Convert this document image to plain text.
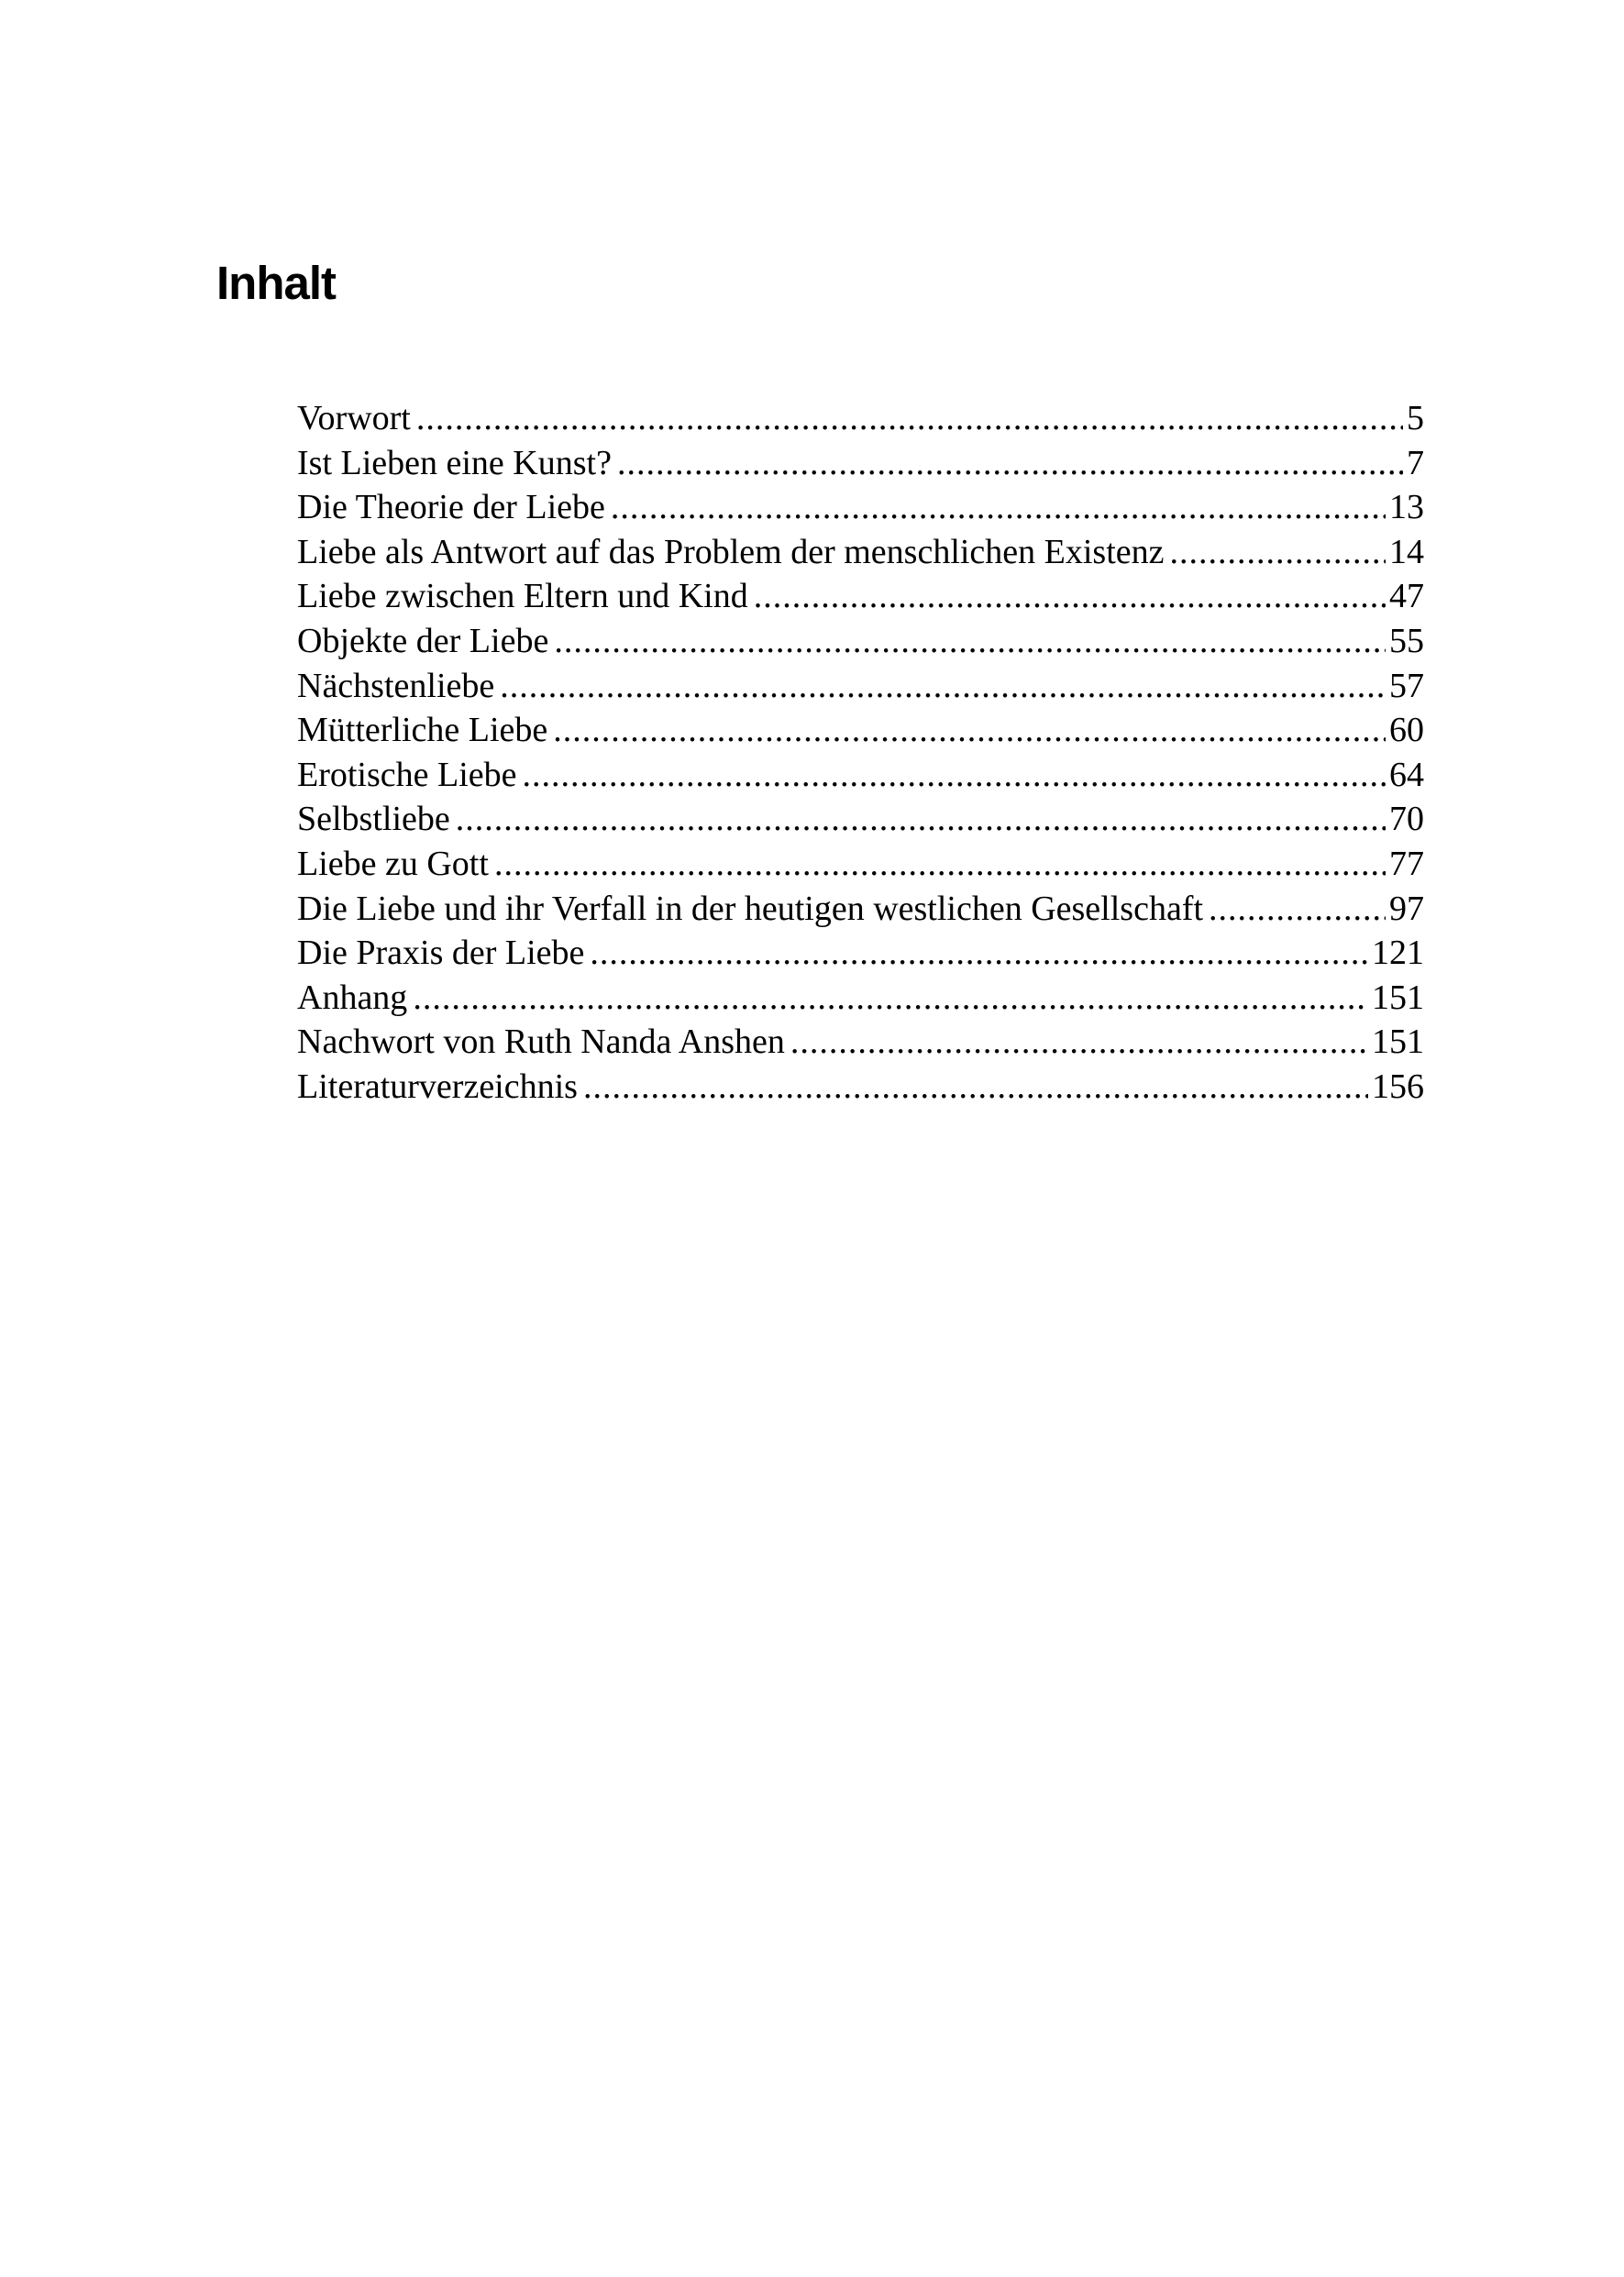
Inhalt
Vorwort .....	5
Ist Lieben eine Kunst? .....	7
Die Theorie der Liebe .....	13
Liebe als Antwort auf das Problem der menschlichen Existenz .....	14
Liebe zwischen Eltern und Kind .....	47
Objekte der Liebe .....	55
Nächstenliebe .....	57
Mütterliche Liebe .....	60
Erotische Liebe .....	64
Selbstliebe .....	70
Liebe zu Gott .....	77
Die Liebe und ihr Verfall in der heutigen westlichen Gesellschaft .....	97
Die Praxis der Liebe .....	121
Anhang .....	151
Nachwort von Ruth Nanda Anshen .....	151
Literaturverzeichnis .....	156
